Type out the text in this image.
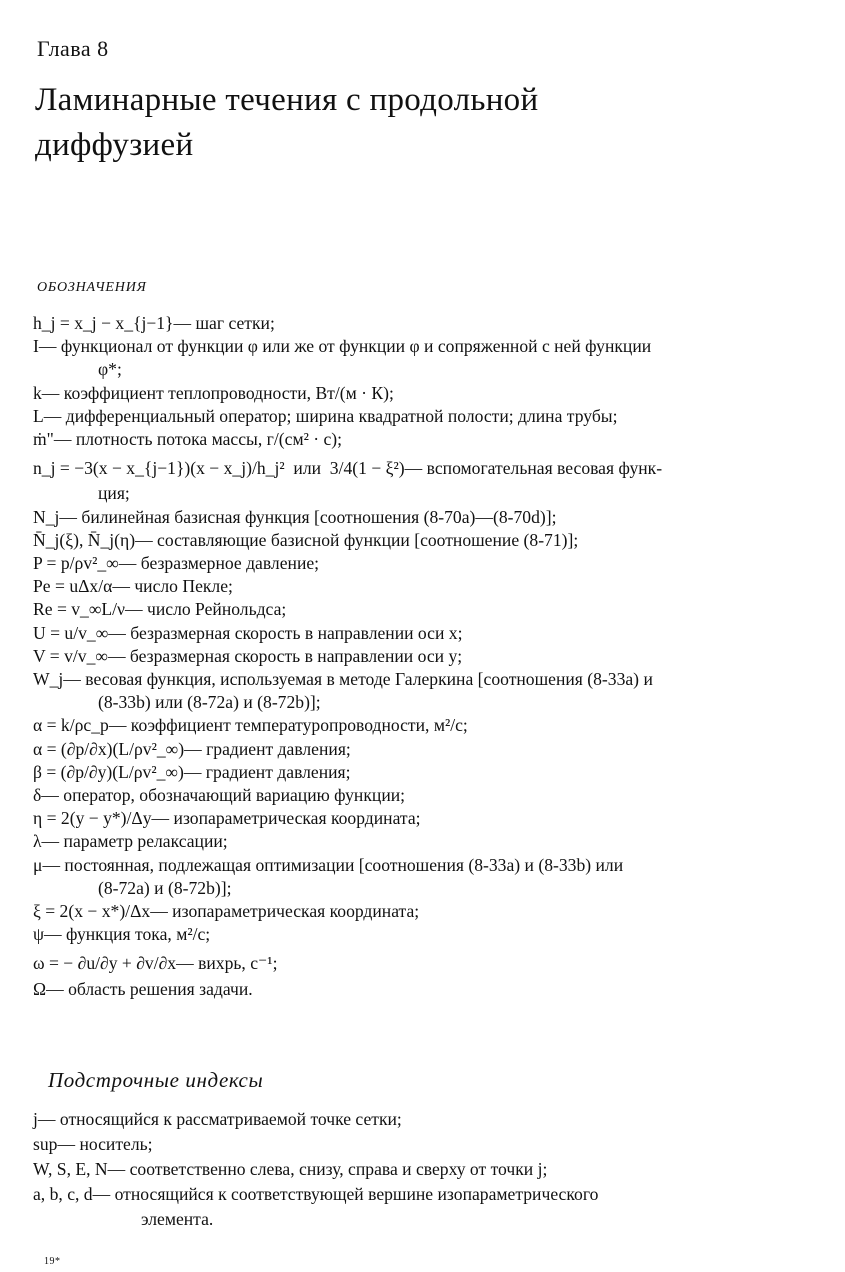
Глава 8
Ламинарные течения с продольной
диффузией
ОБОЗНАЧЕНИЯ
h_j = x_j − x_{j−1} — шаг сетки;
I — функционал от функции φ или же от функции φ и сопряженной с ней функции
φ*;
k — коэффициент теплопроводности, Вт/(м · К);
L — дифференциальный оператор; ширина квадратной полости; длина трубы;
ṁ" — плотность потока массы, г/(см² · с);
n_j = −3(x − x_{j−1})(x − x_j)/h_j²  или  3/4(1 − ξ²) — вспомогательная весовая функ-
ция;
N_j — билинейная базисная функция [соотношения (8-70a)—(8-70d)];
N̄_j(ξ), N̄_j(η) — составляющие базисной функции [соотношение (8-71)];
P = p/ρv²_∞ — безразмерное давление;
Pe = uΔx/α — число Пекле;
Re = v_∞L/ν — число Рейнольдса;
U = u/v_∞ — безразмерная скорость в направлении оси x;
V = v/v_∞ — безразмерная скорость в направлении оси y;
W_j — весовая функция, используемая в методе Галеркина [соотношения (8-33a) и
(8-33b) или (8-72a) и (8-72b)];
α = k/ρc_p — коэффициент температуропроводности, м²/с;
α = (∂p/∂x)(L/ρv²_∞) — градиент давления;
β = (∂p/∂y)(L/ρv²_∞) — градиент давления;
δ — оператор, обозначающий вариацию функции;
η = 2(y − y*)/Δy — изопараметрическая координата;
λ — параметр релаксации;
μ — постоянная, подлежащая оптимизации [соотношения (8-33a) и (8-33b) или
(8-72a) и (8-72b)];
ξ = 2(x − x*)/Δx — изопараметрическая координата;
ψ — функция тока, м²/с;
ω = − ∂u/∂y + ∂v/∂x — вихрь, с⁻¹;
Ω — область решения задачи.
Подстрочные индексы
j — относящийся к рассматриваемой точке сетки;
sup — носитель;
W, S, E, N — соответственно слева, снизу, справа и сверху от точки j;
a, b, c, d — относящийся к соответствующей вершине изопараметрического
элемента.
19*
